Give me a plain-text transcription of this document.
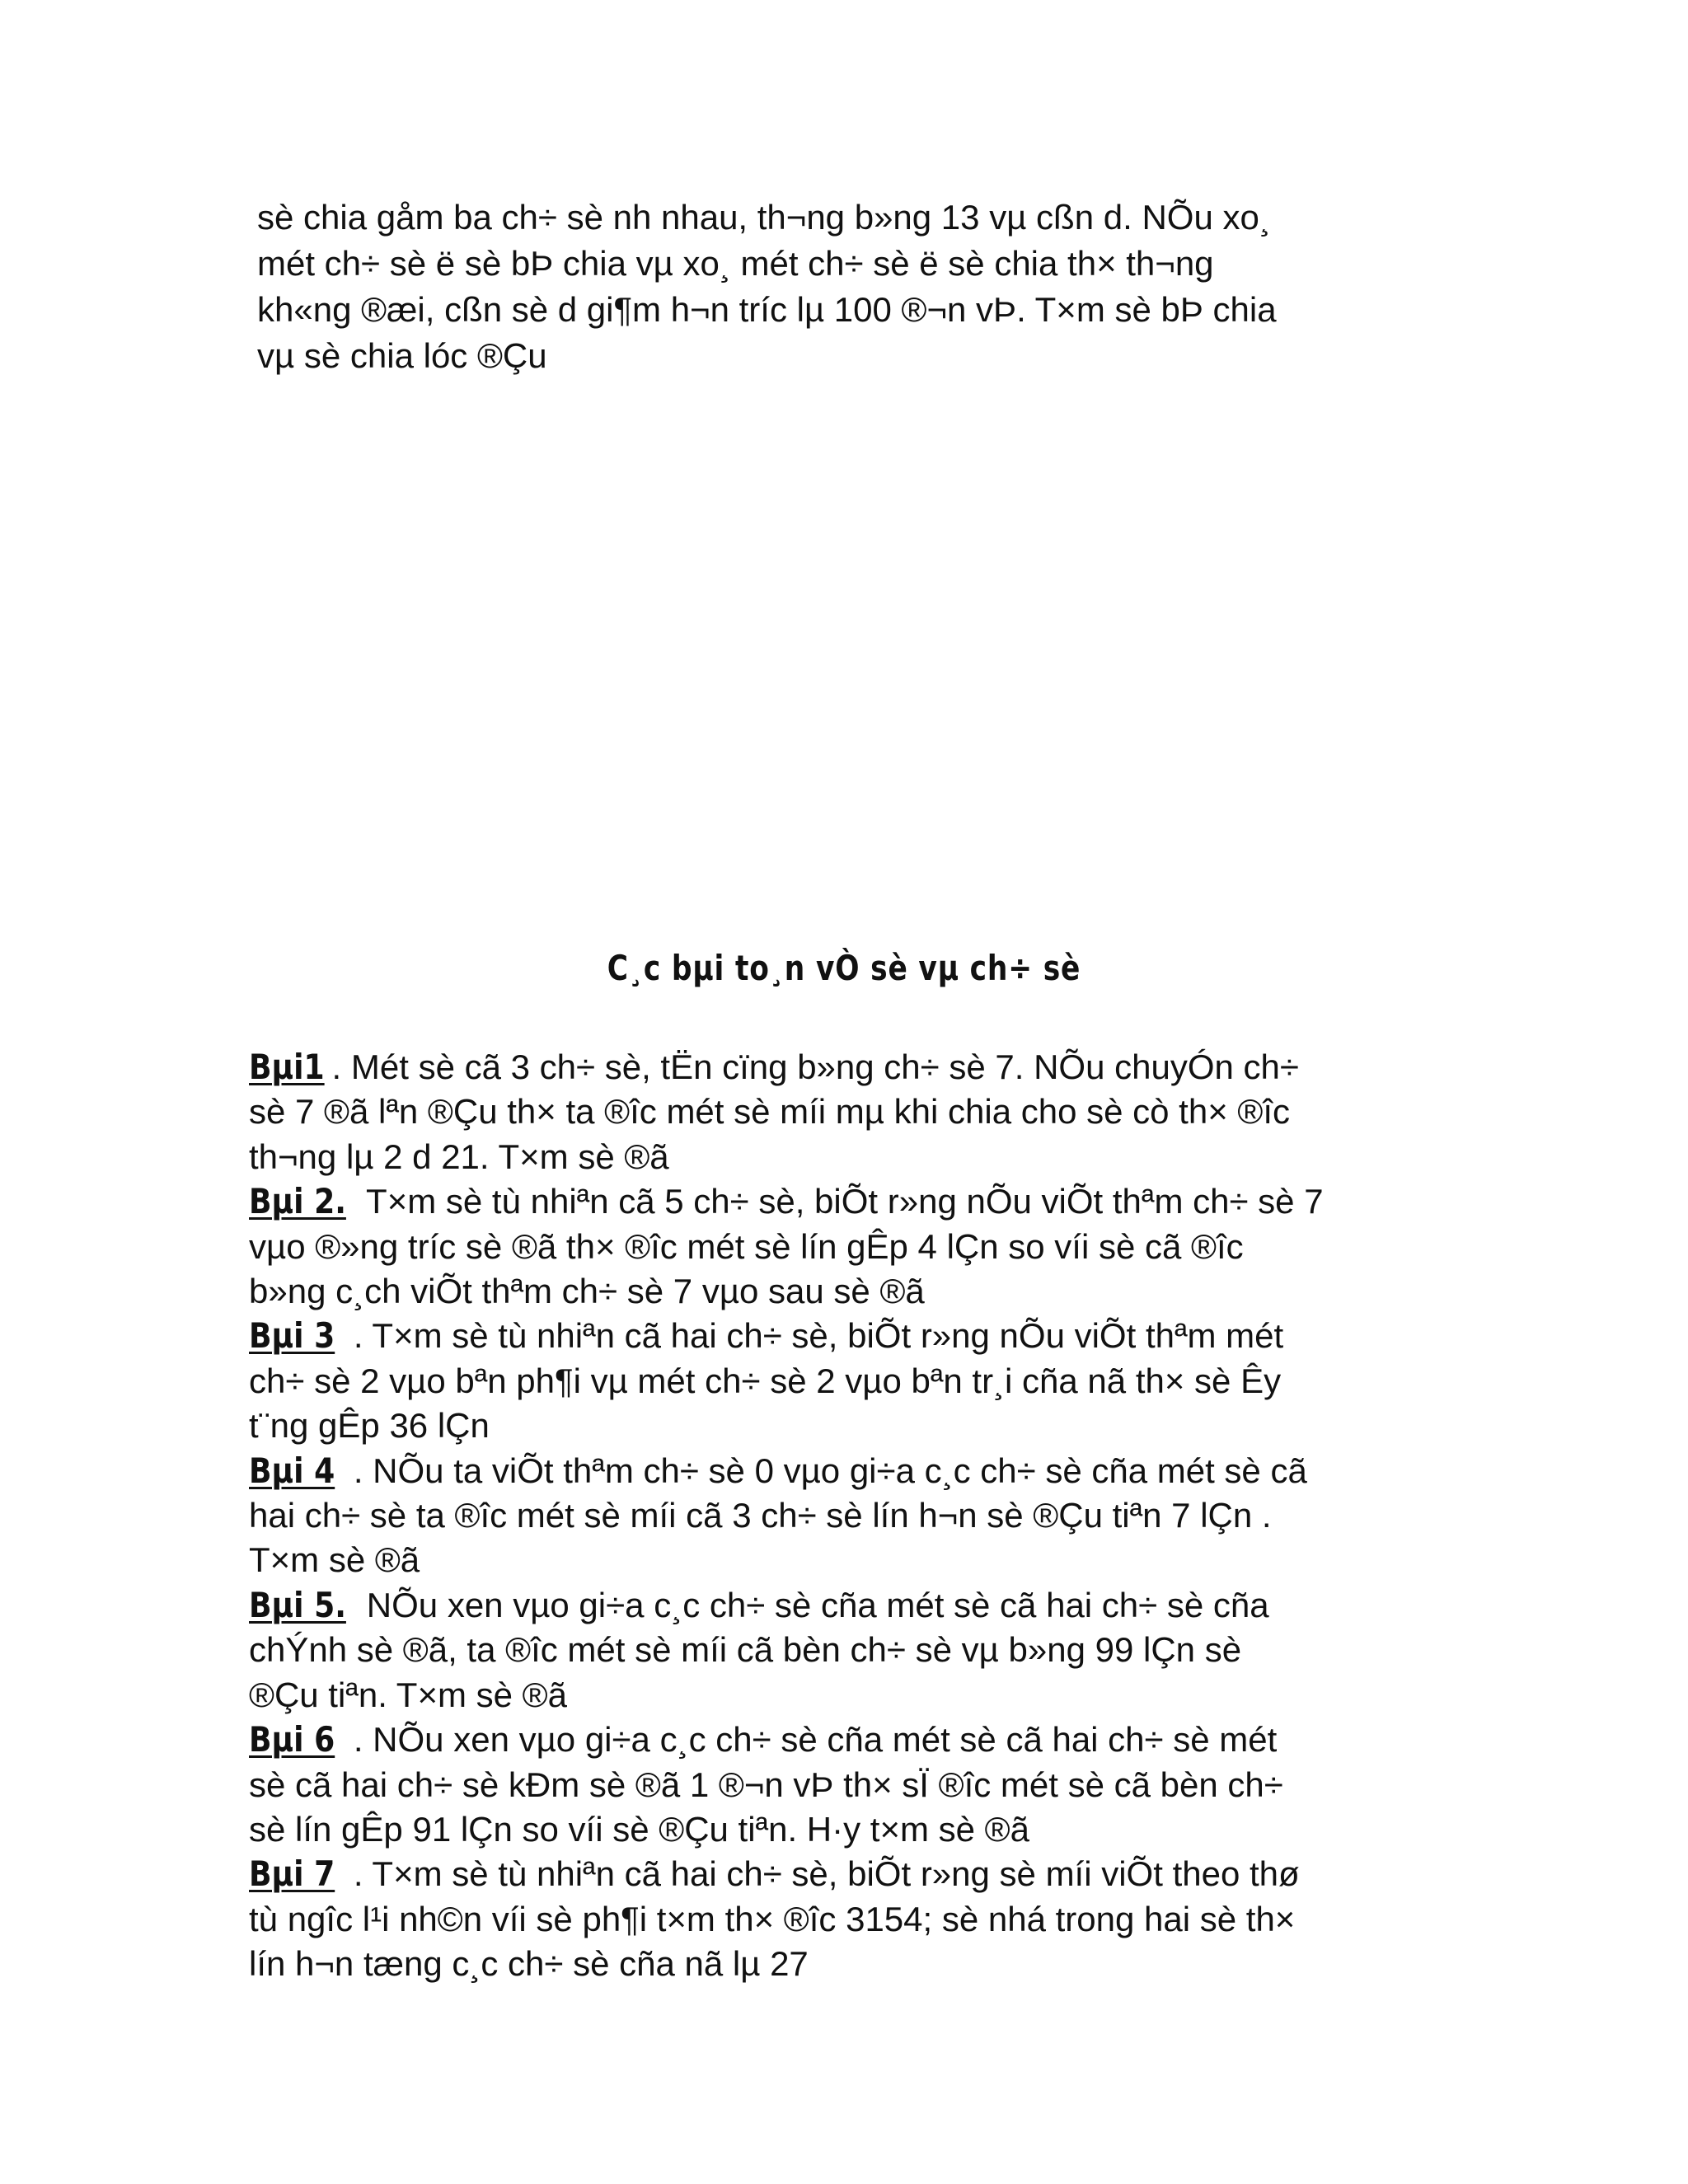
sè chia gåm ba ch÷ sè nh nhau, th¬ng b»ng 13 vµ cßn d. NÕu xo¸
mét ch÷ sè ë sè bÞ chia vµ xo¸ mét ch÷ sè ë sè chia th× th¬ng
kh«ng ®æi, cßn sè d gi¶m h¬n tríc lµ 100 ®¬n vÞ. T×m sè bÞ chia
vµ sè chia lóc ®Çu
C¸c bµi to¸n vÒ sè vµ ch÷ sè

Bµi1 . Mét sè cã 3 ch÷ sè, tËn cïng b»ng ch÷ sè 7. NÕu chuyÓn ch÷
sè 7 ®ã lªn ®Çu th× ta ®îc mét sè míi mµ khi chia cho sè cò th× ®îc
th¬ng lµ 2 d 21. T×m sè ®ã

Bµi 2. T×m sè tù nhiªn cã 5 ch÷ sè, biÕt r»ng nÕu viÕt thªm ch÷ sè 7
vµo ®»ng tríc sè ®ã th× ®îc mét sè lín gÊp 4 lÇn so víi sè cã ®îc
b»ng c¸ch viÕt thªm ch÷ sè 7 vµo sau sè ®ã

Bµi 3 . T×m sè tù nhiªn cã hai ch÷ sè, biÕt r»ng nÕu viÕt thªm mét
ch÷ sè 2 vµo bªn ph¶i vµ mét ch÷ sè 2 vµo bªn tr¸i cña nã th× sè Êy
t¨ng gÊp 36 lÇn

Bµi 4 . NÕu ta viÕt thªm ch÷ sè 0 vµo gi÷a c¸c ch÷ sè cña mét sè cã
hai ch÷ sè ta ®îc mét sè míi cã 3 ch÷ sè lín h¬n sè ®Çu tiªn 7 lÇn .
T×m sè ®ã

Bµi 5. NÕu xen vµo gi÷a c¸c ch÷ sè cña mét sè cã hai ch÷ sè cña
chÝnh sè ®ã, ta ®îc mét sè míi cã bèn ch÷ sè vµ b»ng 99 lÇn sè
®Çu tiªn. T×m sè ®ã

Bµi 6 . NÕu xen vµo gi÷a c¸c ch÷ sè cña mét sè cã hai ch÷ sè mét
sè cã hai ch÷ sè kÐm sè ®ã 1 ®¬n vÞ th× sÏ ®îc mét sè cã bèn ch÷
sè lín gÊp 91 lÇn so víi sè ®Çu tiªn. H·y t×m sè ®ã

Bµi 7 . T×m sè tù nhiªn cã hai ch÷ sè, biÕt r»ng sè míi viÕt theo thø
tù ngîc l¹i nh©n víi sè ph¶i t×m th× ®îc 3154; sè nhá trong hai sè th×
lín h¬n tæng c¸c ch÷ sè cña nã lµ 27
